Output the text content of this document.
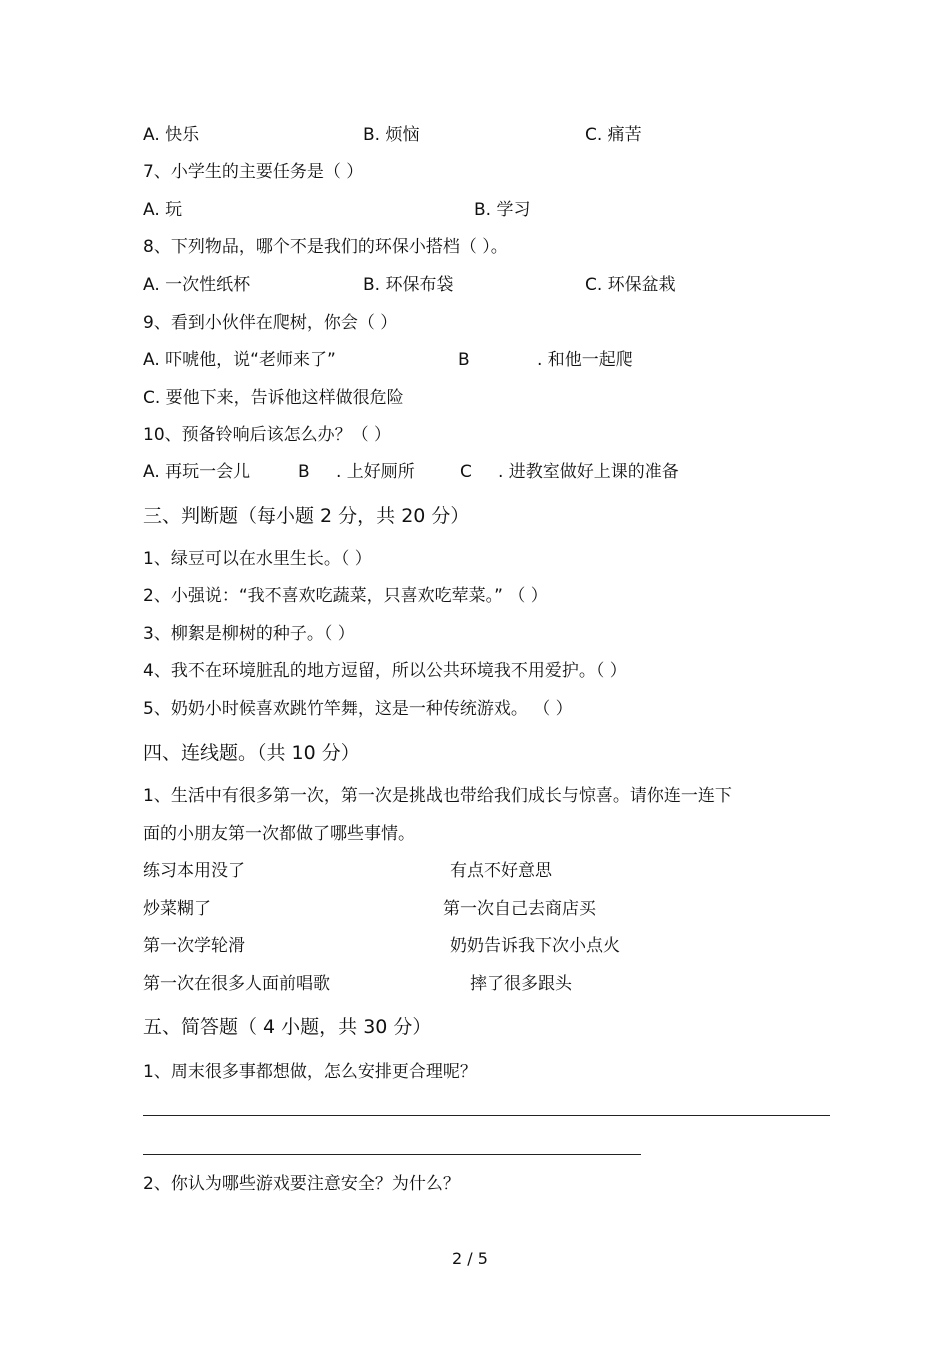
A. 快乐	B. 烦恼	C. 痛苦
7、小学生的主要任务是（ ）
A. 玩	B. 学习
8、下列物品，哪个不是我们的环保小搭档（ ）。
A. 一次性纸杯	B. 环保布袋	C. 环保盆栽
9、看到小伙伴在爬树，你会（ ）
A. 吓唬他，说“老师来了”	B	. 和他一起爬
C. 要他下来，告诉他这样做很危险
10、预备铃响后该怎么办？（ ）
A. 再玩一会儿	B . 上好厕所	C . 进教室做好上课的准备
三、判断题（每小题 2 分，共 20 分）
1、绿豆可以在水里生长。（ ）
2、小强说：“我不喜欢吃蔬菜，只喜欢吃荤菜。” （ ）
3、柳絮是柳树的种子。（ ）
4、我不在环境脏乱的地方逗留，所以公共环境我不用爱护。（ ）
5、奶奶小时候喜欢跳竹竿舞，这是一种传统游戏。 （ ）
四、连线题。（共 10 分）
1、生活中有很多第一次，第一次是挑战也带给我们成长与惊喜。请你连一连下
面的小朋友第一次都做了哪些事情。
练习本用没了	有点不好意思
炒菜糊了	第一次自己去商店买
第一次学轮滑	奶奶告诉我下次小点火
第一次在很多人面前唱歌	摔了很多跟头
五、简答题（ 4 小题，共 30 分）
1、周末很多事都想做，怎么安排更合理呢？
2、你认为哪些游戏要注意安全？为什么？
2 / 5
